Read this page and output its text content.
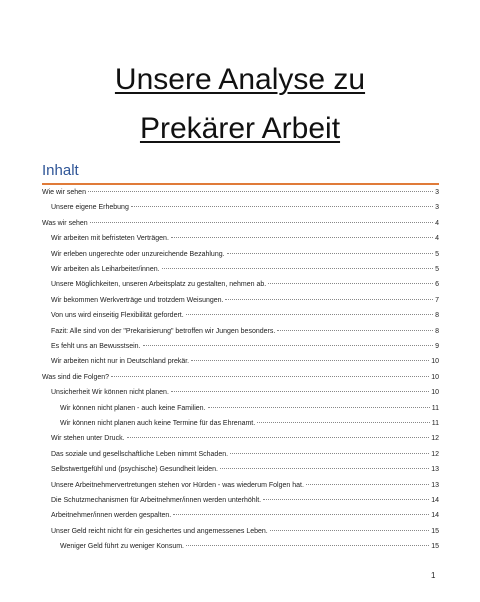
Unsere Analyse zu
Prekärer Arbeit
Inhalt
Wie wir sehen	3
Unsere eigene Erhebung	3
Was wir sehen	4
Wir arbeiten mit befristeten Verträgen.	4
Wir erleben ungerechte oder unzureichende Bezahlung.	5
Wir arbeiten als Leiharbeiter/innen.	5
Unsere Möglichkeiten, unseren Arbeitsplatz zu gestalten, nehmen ab.	6
Wir bekommen Werkverträge und trotzdem Weisungen.	7
Von uns wird einseitig Flexibilität gefordert.	8
Fazit: Alle sind von der "Prekarisierung" betroffen wir Jungen besonders.	8
Es fehlt uns an Bewusstsein.	9
Wir arbeiten nicht nur in Deutschland prekär.	10
Was sind die Folgen?	10
Unsicherheit Wir können nicht planen.	10
Wir können nicht planen - auch keine Familien.	11
Wir können nicht planen auch keine Termine für das Ehrenamt.	11
Wir stehen unter Druck.	12
Das soziale und gesellschaftliche Leben nimmt Schaden.	12
Selbstwertgefühl und (psychische) Gesundheit leiden.	13
Unsere Arbeitnehmervertretungen stehen vor Hürden - was wiederum Folgen hat.	13
Die Schutzmechanismen für Arbeitnehmer/innen werden unterhöhlt.	14
Arbeitnehmer/innen werden gespalten.	14
Unser Geld reicht nicht für ein gesichertes und angemessenes Leben.	15
Weniger Geld führt zu weniger Konsum.	15
1
